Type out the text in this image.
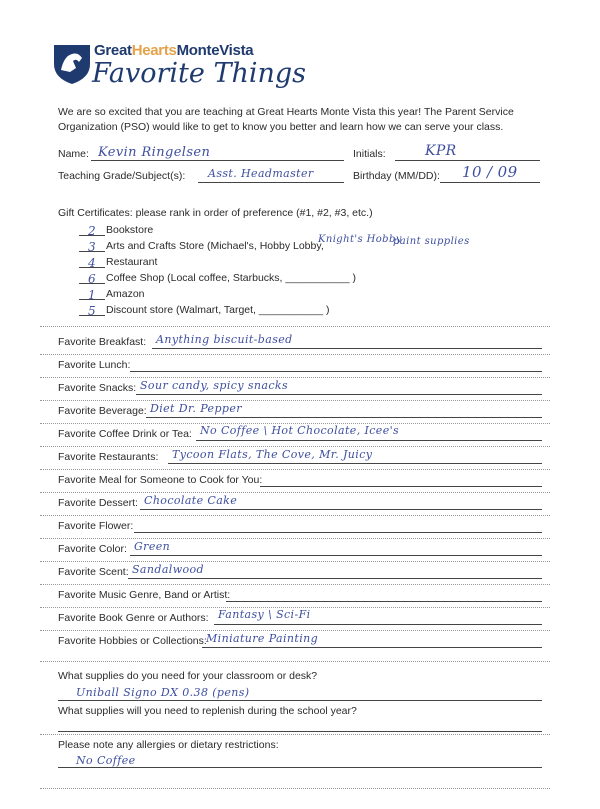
GreatHeartsMonteVista
Favorite Things
We are so excited that you are teaching at Great Hearts Monte Vista this year! The Parent Service Organization (PSO) would like to get to know you better and learn how we can serve your class.
Name: Kevin Ringelsen	Initials:	KPR
Teaching Grade/Subject(s): Asst. Headmaster	Birthday (MM/DD): 10 / 09
Gift Certificates: please rank in order of preference (#1, #2, #3, etc.)
2 Bookstore
3 Arts and Crafts Store (Michael's, Hobby Lobby,
Knight's Hobby
paint supplies
4 Restaurant
6 Coffee Shop (Local coffee, Starbucks, ___________ )
1 Amazon
5 Discount store (Walmart, Target, ___________ )
Favorite Breakfast: Anything biscuit-based
Favorite Lunch:
Favorite Snacks: Sour candy, spicy snacks
Favorite Beverage: Diet Dr. Pepper
Favorite Coffee Drink or Tea: No Coffee \ Hot Chocolate, Icee's
Favorite Restaurants: Tycoon Flats, The Cove, Mr. Juicy
Favorite Meal for Someone to Cook for You:
Favorite Dessert: Chocolate Cake
Favorite Flower:
Favorite Color: Green
Favorite Scent: Sandalwood
Favorite Music Genre, Band or Artist:
Favorite Book Genre or Authors: Fantasy \ Sci-Fi
Favorite Hobbies or Collections: Miniature Painting
What supplies do you need for your classroom or desk?
Uniball Signo DX 0.38 (pens)
What supplies will you need to replenish during the school year?
Please note any allergies or dietary restrictions:
No Coffee
